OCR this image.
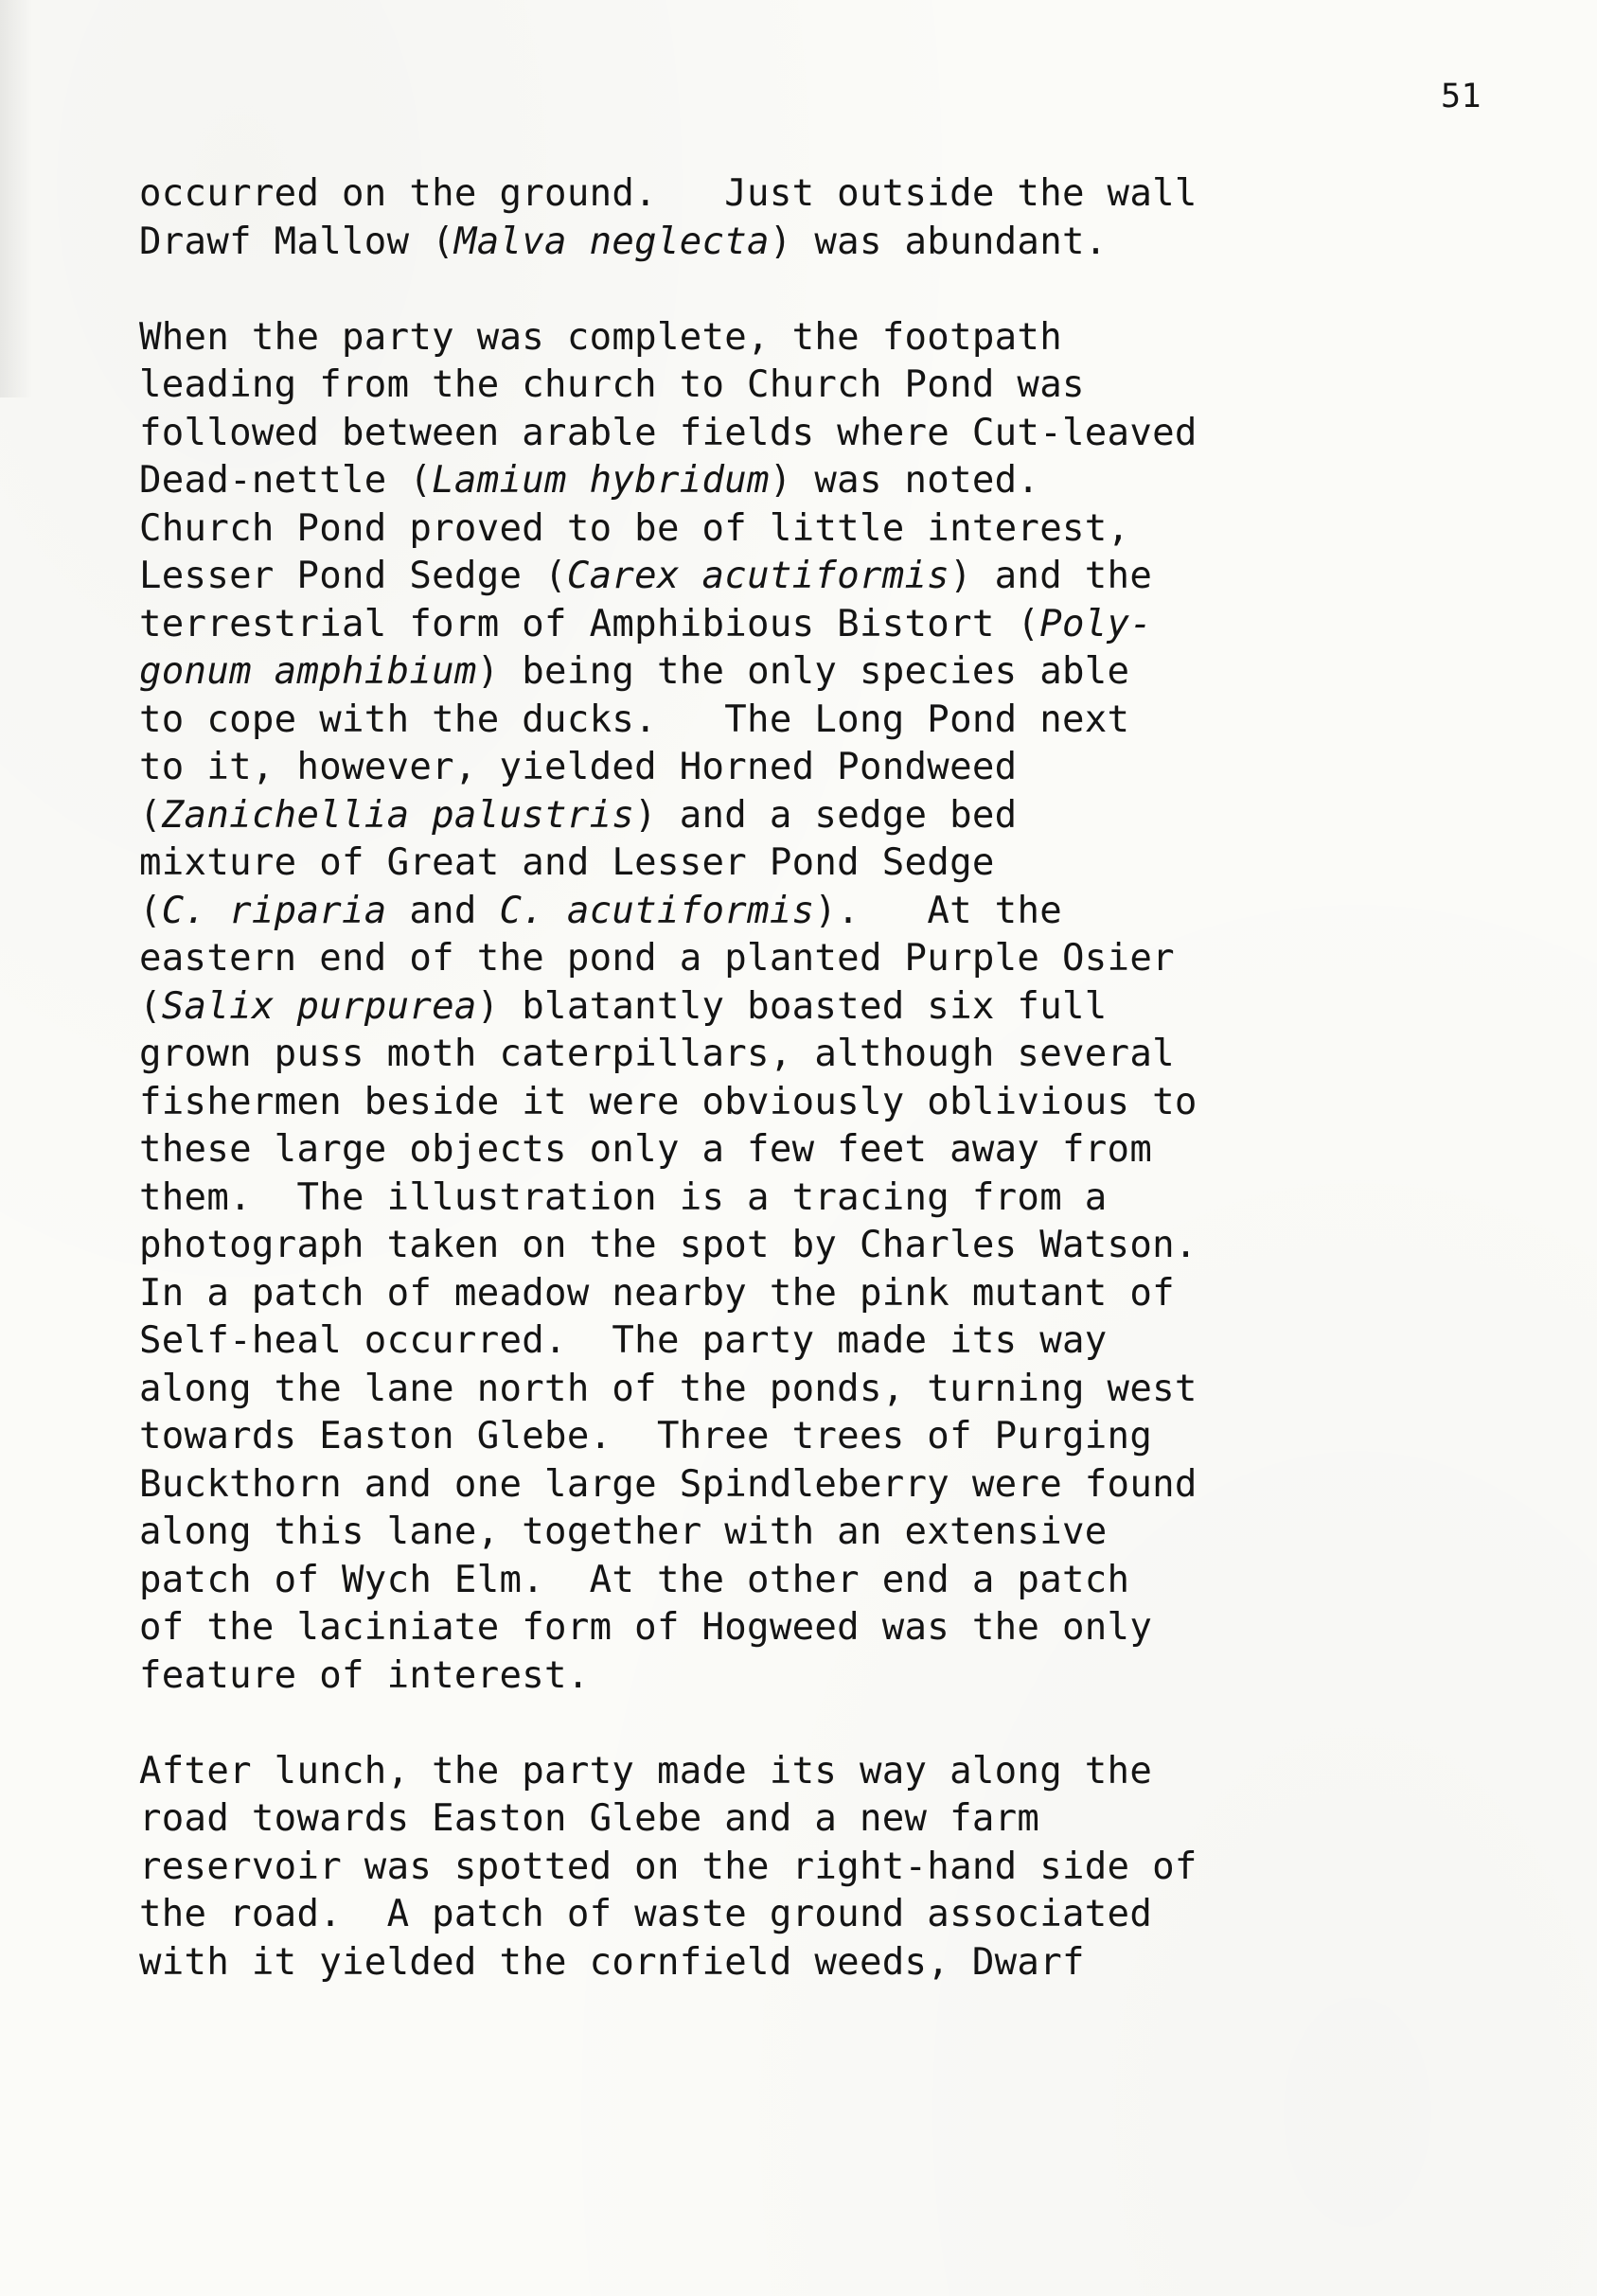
51
occurred on the ground.   Just outside the wall
Drawf Mallow (Malva neglecta) was abundant.
When the party was complete, the footpath
leading from the church to Church Pond was
followed between arable fields where Cut-leaved
Dead-nettle (Lamium hybridum) was noted.
Church Pond proved to be of little interest,
Lesser Pond Sedge (Carex acutiformis) and the
terrestrial form of Amphibious Bistort (Poly-
gonum amphibium) being the only species able
to cope with the ducks.   The Long Pond next
to it, however, yielded Horned Pondweed
(Zanichellia palustris) and a sedge bed
mixture of Great and Lesser Pond Sedge
(C. riparia and C. acutiformis).   At the
eastern end of the pond a planted Purple Osier
(Salix purpurea) blatantly boasted six full
grown puss moth caterpillars, although several
fishermen beside it were obviously oblivious to
these large objects only a few feet away from
them.  The illustration is a tracing from a
photograph taken on the spot by Charles Watson.
In a patch of meadow nearby the pink mutant of
Self-heal occurred.  The party made its way
along the lane north of the ponds, turning west
towards Easton Glebe.  Three trees of Purging
Buckthorn and one large Spindleberry were found
along this lane, together with an extensive
patch of Wych Elm.  At the other end a patch
of the laciniate form of Hogweed was the only
feature of interest.
After lunch, the party made its way along the
road towards Easton Glebe and a new farm
reservoir was spotted on the right-hand side of
the road.  A patch of waste ground associated
with it yielded the cornfield weeds, Dwarf
